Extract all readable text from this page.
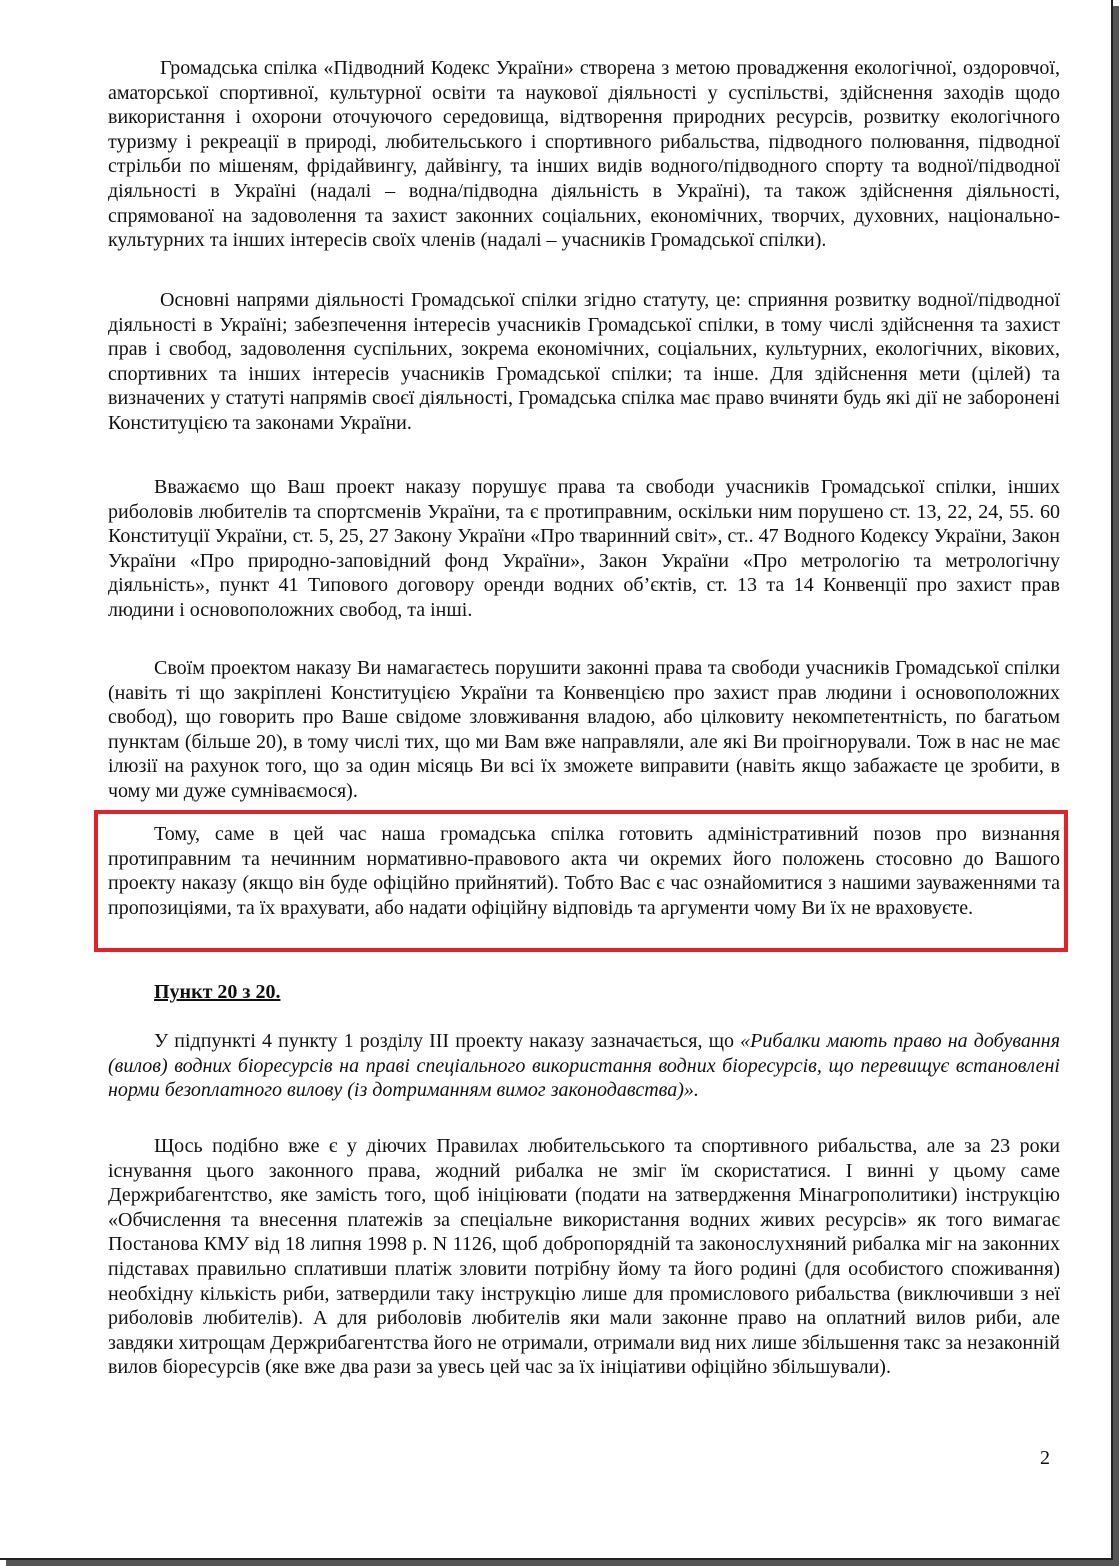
Громадська спілка «Підводний Кодекс України» створена з метою провадження екологічної, оздоровчої, аматорської спортивної, культурної освіти та наукової діяльності у суспільстві, здійснення заходів щодо використання і охорони оточуючого середовища, відтворення природних ресурсів, розвитку екологічного туризму і рекреації в природі, любительського і спортивного рибальства, підводного полювання, підводної стрільби по мішеням, фрідайвингу, дайвінгу, та інших видів водного/підводного спорту та водної/підводної діяльності в Україні (надалі – водна/підводна діяльність в Україні), та також здійснення діяльності, спрямованої на задоволення та захист законних соціальних, економічних, творчих, духовних, національно-культурних та інших інтересів своїх членів (надалі – учасників Громадської спілки).

Основні напрями діяльності Громадської спілки згідно статуту, це: сприяння розвитку водної/підводної діяльності в Україні; забезпечення інтересів учасників Громадської спілки, в тому числі здійснення та захист прав і свобод, задоволення суспільних, зокрема економічних, соціальних, культурних, екологічних, вікових, спортивних та інших інтересів учасників Громадської спілки; та інше. Для здійснення мети (цілей) та визначених у статуті напрямів своєї діяльності, Громадська спілка має право вчиняти будь які дії не заборонені Конституцією та законами України.

Вважаємо що Ваш проект наказу порушує права та свободи учасників Громадської спілки, інших риболовів любителів та спортсменів України, та є протиправним, оскільки ним порушено ст. 13, 22, 24, 55. 60 Конституції України, ст. 5, 25, 27 Закону України «Про тваринний світ», ст.. 47 Водного Кодексу України, Закон України «Про природно-заповідний фонд України», Закон України «Про метрологію та метрологічну діяльність», пункт 41 Типового договору оренди водних об’єктів, ст. 13 та 14 Конвенції про захист прав людини і основоположних свобод, та інші.

Своїм проектом наказу Ви намагаєтесь порушити законні права та свободи учасників Громадської спілки (навіть ті що закріплені Конституцією України та Конвенцією про захист прав людини і основоположних свобод), що говорить про Ваше свідоме зловживання владою, або цілковиту некомпетентність, по багатьом пунктам (більше 20), в тому числі тих, що ми Вам вже направляли, але які Ви проігнорували. Тож в нас не має ілюзії на рахунок того, що за один місяць Ви всі їх зможете виправити (навіть якщо забажаєте це зробити, в чому ми дуже сумніваємося).

Тому, саме в цей час наша громадська спілка готовить адміністративний позов про визнання протиправним та нечинним нормативно-правового акта чи окремих його положень стосовно до Вашого проекту наказу (якщо він буде офіційно прийнятий). Тобто Вас є час ознайомитися з нашими зауваженнями та пропозиціями, та їх врахувати, або надати офіційну відповідь та аргументи чому Ви їх не враховуєте.

Пункт 20 з 20.

У підпункті 4 пункту 1 розділу ІІІ проекту наказу зазначається, що «Рибалки мають право на добування (вилов) водних біоресурсів на праві спеціального використання водних біоресурсів, що перевищує встановлені норми безоплатного вилову (із дотриманням вимог законодавства)».

Щось подібно вже є у діючих Правилах любительського та спортивного рибальства, але за 23 роки існування цього законного права, жодний рибалка не зміг їм скористатися. І винні у цьому саме Держрибагентство, яке замість того, щоб ініціювати (подати на затвердження Мінагрополитики) інструкцію «Обчислення та внесення платежів за спеціальне використання водних живих ресурсів» як того вимагає Постанова КМУ від 18 липня 1998 р. N 1126, щоб добропорядній та законослухняний рибалка міг на законних підставах правильно сплативши платіж зловити потрібну йому та його родині (для особистого споживання) необхідну кількість риби, затвердили таку інструкцію лише для промислового рибальства (виключивши з неї риболовів любителів). А для риболовів любителів яки мали законне право на оплатний вилов риби, але завдяки хитрощам Держрибагентства його не отримали, отримали вид них лише збільшення такс за незаконній вилов біоресурсів (яке вже два рази за увесь цей час за їх ініціативи офіційно збільшували).

2
